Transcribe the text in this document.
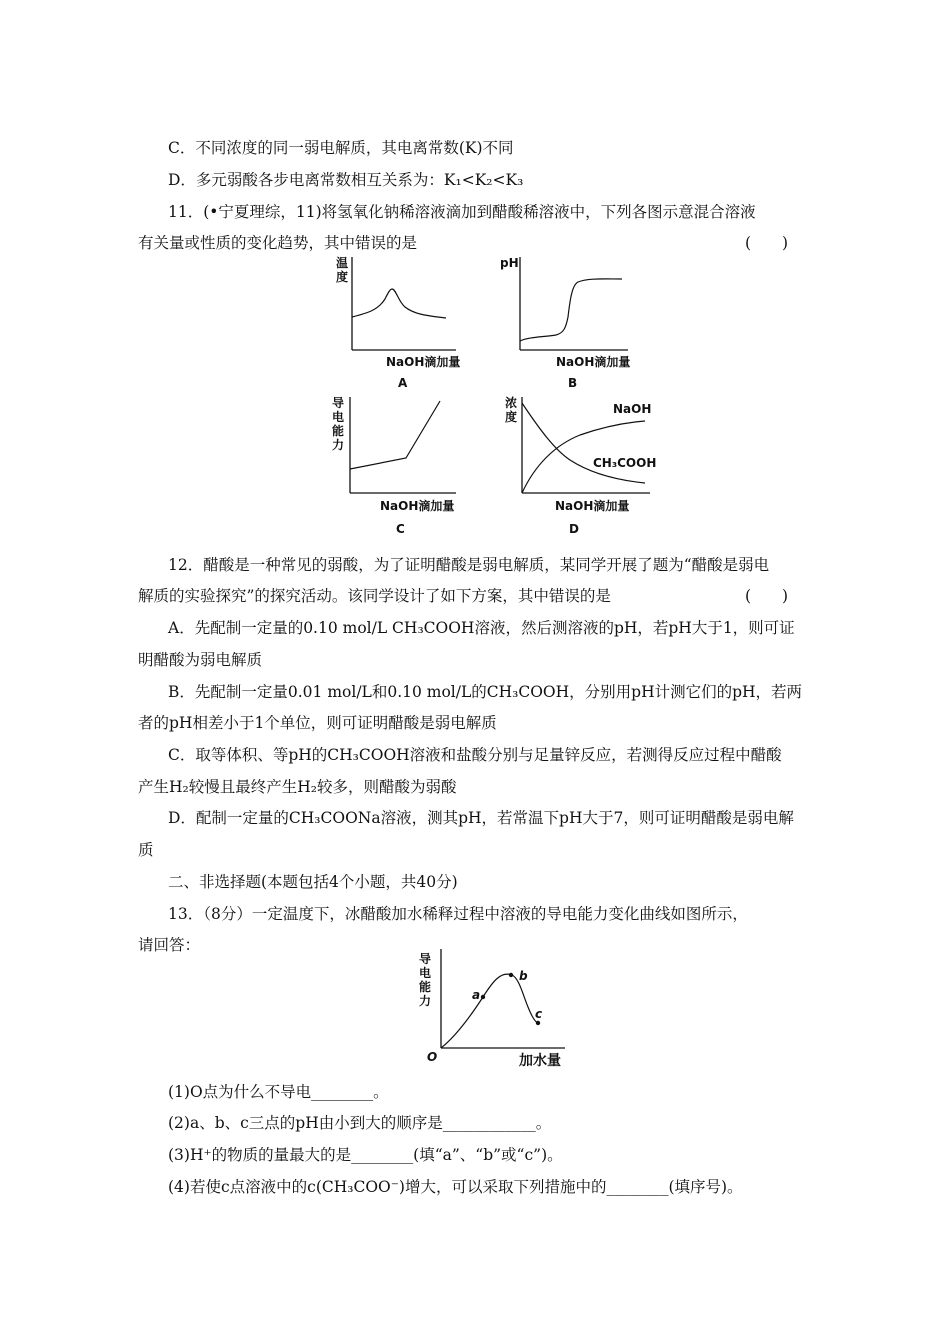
C．不同浓度的同一弱电解质，其电离常数(K)不同
D．多元弱酸各步电离常数相互关系为：K₁<K₂<K₃
11．(•宁夏理综，11)将氢氧化钠稀溶液滴加到醋酸稀溶液中，下列各图示意混合溶液
有关量或性质的变化趋势，其中错误的是	(　　)
温
度
NaOH滴加量
A
pH
NaOH滴加量
B
导
电
能
力
NaOH滴加量
C
浓
度
NaOH
CH₃COOH
NaOH滴加量
D
12．醋酸是一种常见的弱酸，为了证明醋酸是弱电解质，某同学开展了题为“醋酸是弱电
解质的实验探究”的探究活动。该同学设计了如下方案，其中错误的是	(　　)
A．先配制一定量的0.10 mol/L CH₃COOH溶液，然后测溶液的pH，若pH大于1，则可证
明醋酸为弱电解质
B．先配制一定量0.01 mol/L和0.10 mol/L的CH₃COOH，分别用pH计测它们的pH，若两
者的pH相差小于1个单位，则可证明醋酸是弱电解质
C．取等体积、等pH的CH₃COOH溶液和盐酸分别与足量锌反应，若测得反应过程中醋酸
产生H₂较慢且最终产生H₂较多，则醋酸为弱酸
D．配制一定量的CH₃COONa溶液，测其pH，若常温下pH大于7，则可证明醋酸是弱电解
质
二、非选择题(本题包括4个小题，共40分)
13．（8分）一定温度下，冰醋酸加水稀释过程中溶液的导电能力变化曲线如图所示，
请回答：
导
电
能
力	a
b
c
O	加水量
(1)O点为什么不导电________。
(2)a、b、c三点的pH由小到大的顺序是____________。
(3)H⁺的物质的量最大的是________(填“a”、“b”或“c”)。
(4)若使c点溶液中的c(CH₃COO⁻)增大，可以采取下列措施中的________(填序号)。
